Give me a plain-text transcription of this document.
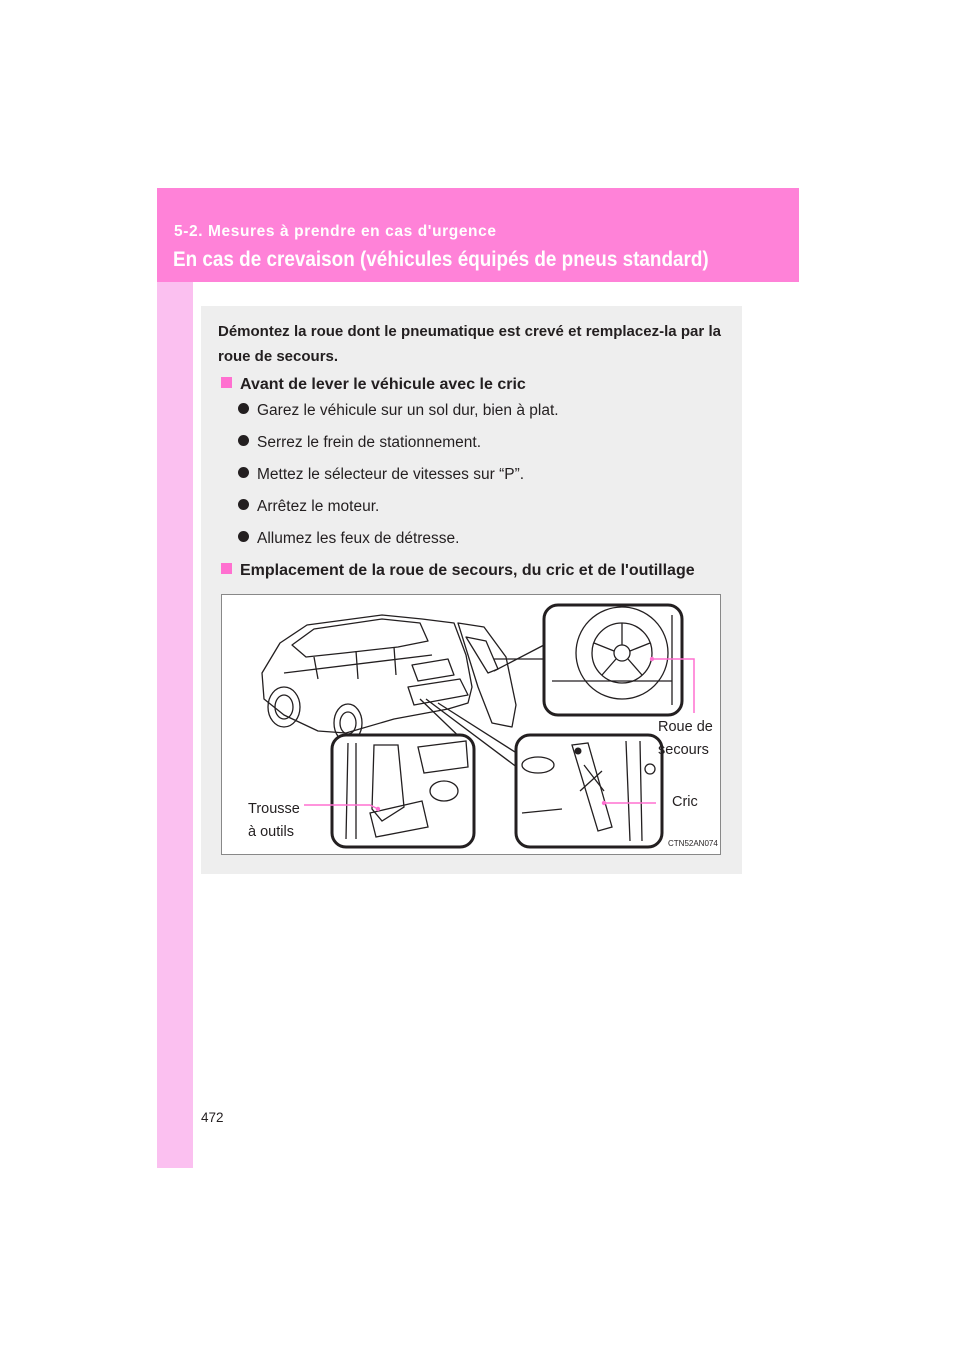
5-2. Mesures à prendre en cas d'urgence
En cas de crevaison (véhicules équipés de pneus standard)
Démontez la roue dont le pneumatique est crevé et remplacez-la par la roue de secours.
Avant de lever le véhicule avec le cric
Garez le véhicule sur un sol dur, bien à plat.
Serrez le frein de stationnement.
Mettez le sélecteur de vitesses sur “P”.
Arrêtez le moteur.
Allumez les feux de détresse.
Emplacement de la roue de secours, du cric et de l'outillage
Roue de
secours
Cric
Trousse
à outils
CTN52AN074
472
